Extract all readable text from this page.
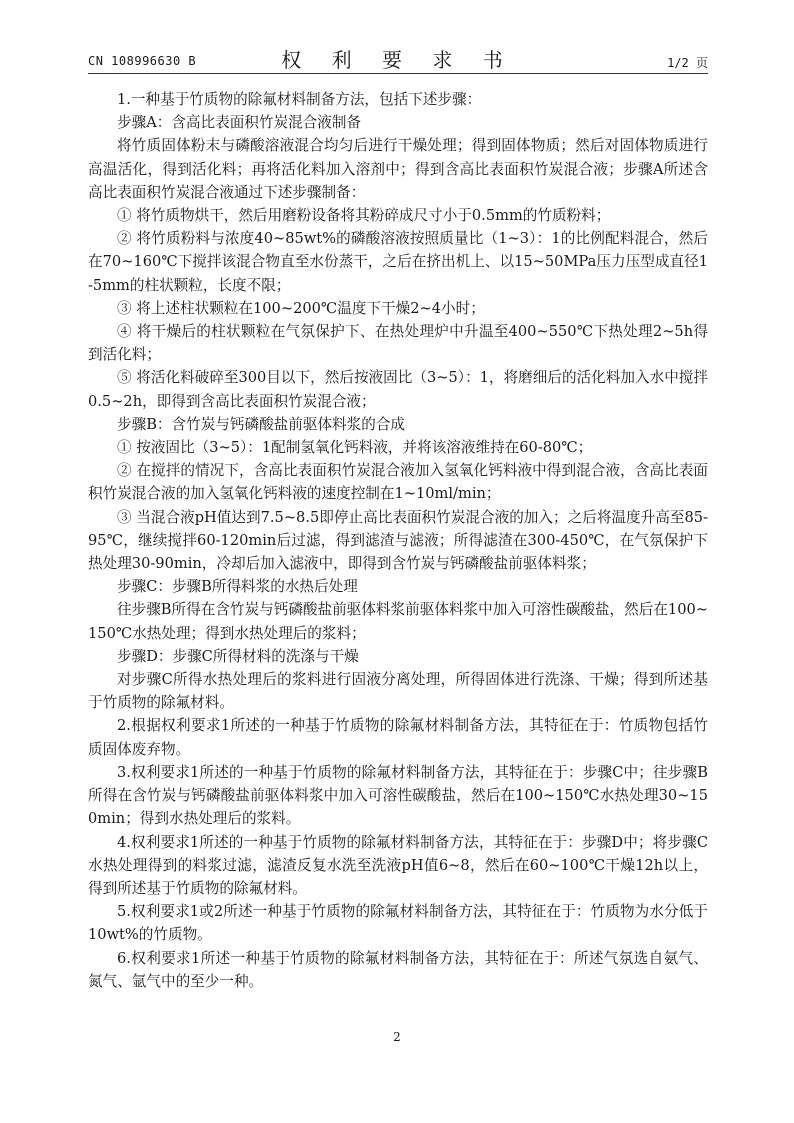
CN 108996630 B	权 利 要 求 书	1/2 页

1.一种基于竹质物的除氟材料制备方法，包括下述步骤：

步骤A：含高比表面积竹炭混合液制备

将竹质固体粉末与磷酸溶液混合均匀后进行干燥处理；得到固体物质；然后对固体物质进行高温活化，得到活化料；再将活化料加入溶剂中；得到含高比表面积竹炭混合液；步骤A所述含高比表面积竹炭混合液通过下述步骤制备：

① 将竹质物烘干，然后用磨粉设备将其粉碎成尺寸小于0.5mm的竹质粉料；

② 将竹质粉料与浓度40~85wt%的磷酸溶液按照质量比（1~3）：1的比例配料混合，然后在70~160℃下搅拌该混合物直至水份蒸干，之后在挤出机上、以15~50MPa压力压型成直径1-5mm的柱状颗粒，长度不限；

③ 将上述柱状颗粒在100~200℃温度下干燥2~4小时；

④ 将干燥后的柱状颗粒在气氛保护下、在热处理炉中升温至400~550℃下热处理2~5h得到活化料；

⑤ 将活化料破碎至300目以下，然后按液固比（3~5）：1，将磨细后的活化料加入水中搅拌0.5~2h，即得到含高比表面积竹炭混合液；

步骤B：含竹炭与钙磷酸盐前驱体料浆的合成

① 按液固比（3~5）：1配制氢氧化钙料液，并将该溶液维持在60-80℃；

② 在搅拌的情况下，含高比表面积竹炭混合液加入氢氧化钙料液中得到混合液，含高比表面积竹炭混合液的加入氢氧化钙料液的速度控制在1~10ml/min；

③ 当混合液pH值达到7.5~8.5即停止高比表面积竹炭混合液的加入；之后将温度升高至85-95℃，继续搅拌60-120min后过滤，得到滤渣与滤液；所得滤渣在300-450℃，在气氛保护下热处理30-90min，冷却后加入滤液中，即得到含竹炭与钙磷酸盐前驱体料浆；

步骤C：步骤B所得料浆的水热后处理

往步骤B所得在含竹炭与钙磷酸盐前驱体料浆前驱体料浆中加入可溶性碳酸盐，然后在100~150℃水热处理；得到水热处理后的浆料；

步骤D：步骤C所得材料的洗涤与干燥

对步骤C所得水热处理后的浆料进行固液分离处理，所得固体进行洗涤、干燥；得到所述基于竹质物的除氟材料。

2.根据权利要求1所述的一种基于竹质物的除氟材料制备方法，其特征在于：竹质物包括竹质固体废弃物。

3.权利要求1所述的一种基于竹质物的除氟材料制备方法，其特征在于：步骤C中；往步骤B所得在含竹炭与钙磷酸盐前驱体料浆中加入可溶性碳酸盐，然后在100~150℃水热处理30~150min；得到水热处理后的浆料。

4.权利要求1所述的一种基于竹质物的除氟材料制备方法，其特征在于：步骤D中；将步骤C水热处理得到的料浆过滤，滤渣反复水洗至洗液pH值6~8，然后在60~100℃干燥12h以上，得到所述基于竹质物的除氟材料。

5.权利要求1或2所述一种基于竹质物的除氟材料制备方法，其特征在于：竹质物为水分低于10wt%的竹质物。

6.权利要求1所述一种基于竹质物的除氟材料制备方法，其特征在于：所述气氛选自氨气、氮气、氩气中的至少一种。

2
